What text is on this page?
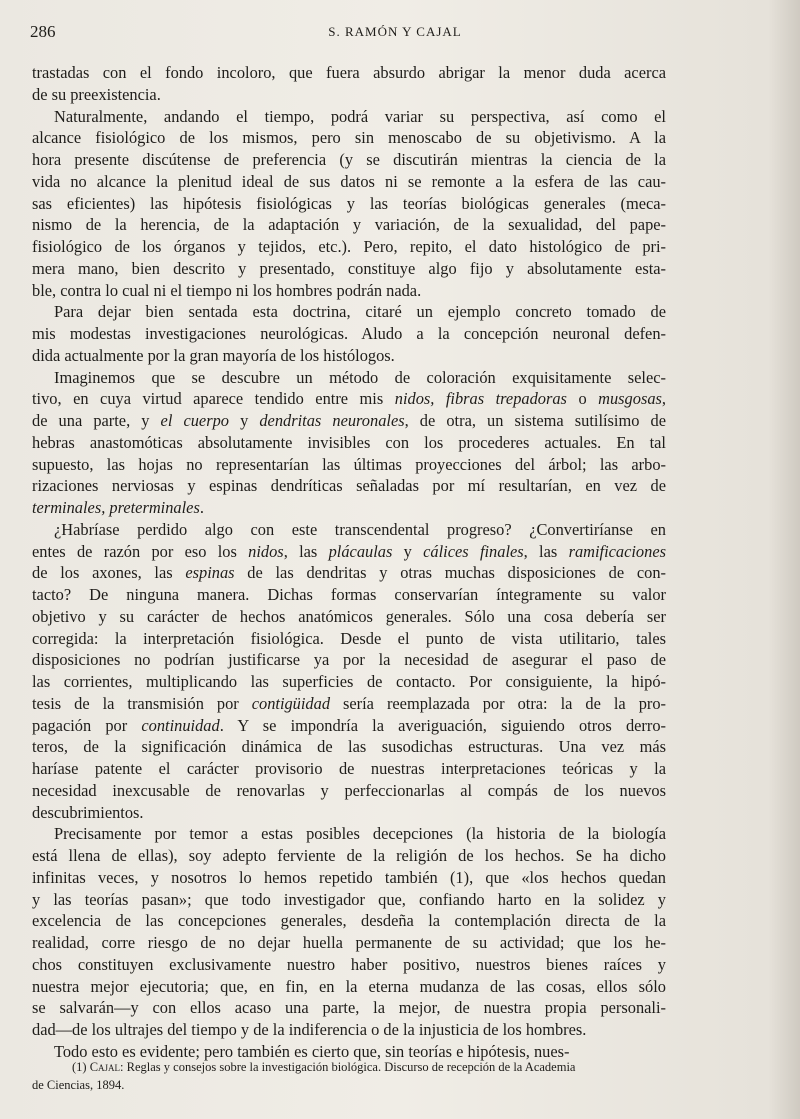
286	S. RAMÓN Y CAJAL

trastadas con el fondo incoloro, que fuera absurdo abrigar la menor duda acerca
de su preexistencia.

Naturalmente, andando el tiempo, podrá variar su perspectiva, así como el
alcance fisiológico de los mismos, pero sin menoscabo de su objetivismo. A la
hora presente discútense de preferencia (y se discutirán mientras la ciencia de la
vida no alcance la plenitud ideal de sus datos ni se remonte a la esfera de las cau-
sas eficientes) las hipótesis fisiológicas y las teorías biológicas generales (meca-
nismo de la herencia, de la adaptación y variación, de la sexualidad, del pape-
fisiológico de los órganos y tejidos, etc.). Pero, repito, el dato histológico de pri-
mera mano, bien descrito y presentado, constituye algo fijo y absolutamente esta-
ble, contra lo cual ni el tiempo ni los hombres podrán nada.

Para dejar bien sentada esta doctrina, citaré un ejemplo concreto tomado de
mis modestas investigaciones neurológicas. Aludo a la concepción neuronal defen-
dida actualmente por la gran mayoría de los histólogos.

Imaginemos que se descubre un método de coloración exquisitamente selec-
tivo, en cuya virtud aparece tendido entre mis nidos, fibras trepadoras o musgosas,
de una parte, y el cuerpo y dendritas neuronales, de otra, un sistema sutilísimo de
hebras anastomóticas absolutamente invisibles con los procederes actuales. En tal
supuesto, las hojas no representarían las últimas proyecciones del árbol; las arbo-
rizaciones nerviosas y espinas dendríticas señaladas por mí resultarían, en vez de
terminales, preterminales.

¿Habríase perdido algo con este transcendental progreso? ¿Convertiríanse en
entes de razón por eso los nidos, las plácaulas y cálices finales, las ramificaciones
de los axones, las espinas de las dendritas y otras muchas disposiciones de con-
tacto? De ninguna manera. Dichas formas conservarían íntegramente su valor
objetivo y su carácter de hechos anatómicos generales. Sólo una cosa debería ser
corregida: la interpretación fisiológica. Desde el punto de vista utilitario, tales
disposiciones no podrían justificarse ya por la necesidad de asegurar el paso de
las corrientes, multiplicando las superficies de contacto. Por consiguiente, la hipó-
tesis de la transmisión por contigüidad sería reemplazada por otra: la de la pro-
pagación por continuidad. Y se impondría la averiguación, siguiendo otros derro-
teros, de la significación dinámica de las susodichas estructuras. Una vez más
haríase patente el carácter provisorio de nuestras interpretaciones teóricas y la
necesidad inexcusable de renovarlas y perfeccionarlas al compás de los nuevos
descubrimientos.

Precisamente por temor a estas posibles decepciones (la historia de la biología
está llena de ellas), soy adepto ferviente de la religión de los hechos. Se ha dicho
infinitas veces, y nosotros lo hemos repetido también (1), que «los hechos quedan
y las teorías pasan»; que todo investigador que, confiando harto en la solidez y
excelencia de las concepciones generales, desdeña la contemplación directa de la
realidad, corre riesgo de no dejar huella permanente de su actividad; que los he-
chos constituyen exclusivamente nuestro haber positivo, nuestros bienes raíces y
nuestra mejor ejecutoria; que, en fin, en la eterna mudanza de las cosas, ellos sólo
se salvarán—y con ellos acaso una parte, la mejor, de nuestra propia personali-
dad—de los ultrajes del tiempo y de la indiferencia o de la injusticia de los hombres.

Todo esto es evidente; pero también es cierto que, sin teorías e hipótesis, nues-

(1) Cajal: Reglas y consejos sobre la investigación biológica. Discurso de recepción de la Academia
de Ciencias, 1894.
